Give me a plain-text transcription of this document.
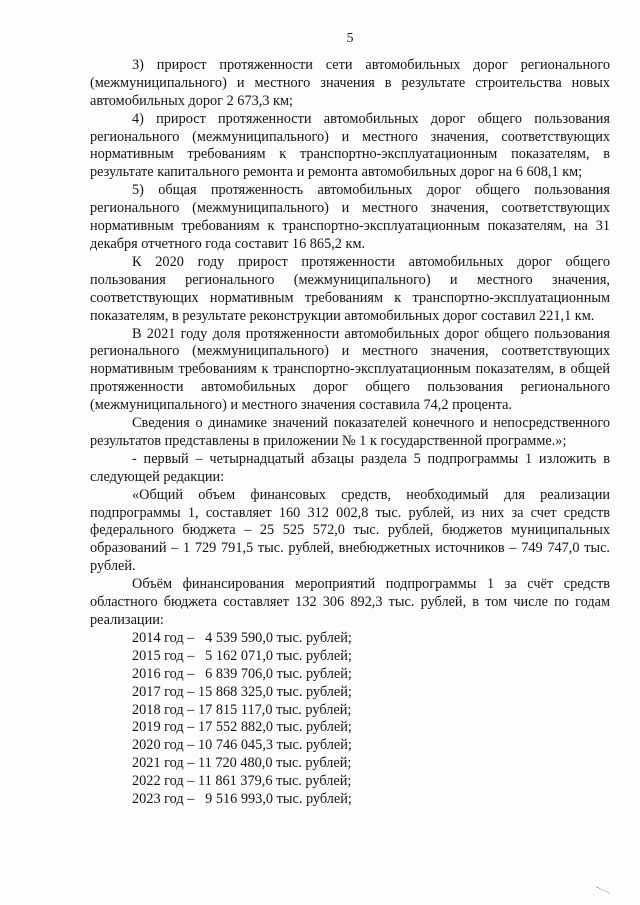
5

3) прирост протяженности сети автомобильных дорог регионального (межмуниципального) и местного значения в результате строительства новых автомобильных дорог 2 673,3 км;

4) прирост протяженности автомобильных дорог общего пользования регионального (межмуниципального) и местного значения, соответствующих нормативным требованиям к транспортно-эксплуатационным показателям, в результате капитального ремонта и ремонта автомобильных дорог на 6 608,1 км;

5) общая протяженность автомобильных дорог общего пользования регионального (межмуниципального) и местного значения, соответствующих нормативным требованиям к транспортно-эксплуатационным показателям, на 31 декабря отчетного года составит 16 865,2 км.

К 2020 году прирост протяженности автомобильных дорог общего пользования регионального (межмуниципального) и местного значения, соответствующих нормативным требованиям к транспортно-эксплуатационным показателям, в результате реконструкции автомобильных дорог составил 221,1 км.

В 2021 году доля протяженности автомобильных дорог общего пользования регионального (межмуниципального) и местного значения, соответствующих нормативным требованиям к транспортно-эксплуатационным показателям, в общей протяженности автомобильных дорог общего пользования регионального (межмуниципального) и местного значения составила 74,2 процента.

Сведения о динамике значений показателей конечного и непосредственного результатов представлены в приложении № 1 к государственной программе.»;

- первый – четырнадцатый абзацы раздела 5 подпрограммы 1 изложить в следующей редакции:

«Общий объем финансовых средств, необходимый для реализации подпрограммы 1, составляет 160 312 002,8 тыс. рублей, из них за счет средств федерального бюджета – 25 525 572,0 тыс. рублей, бюджетов муниципальных образований – 1 729 791,5 тыс. рублей, внебюджетных источников – 749 747,0 тыс. рублей.

Объём финансирования мероприятий подпрограммы 1 за счёт средств областного бюджета составляет 132 306 892,3 тыс. рублей, в том числе по годам реализации:

2014 год –   4 539 590,0 тыс. рублей;
2015 год –   5 162 071,0 тыс. рублей;
2016 год –   6 839 706,0 тыс. рублей;
2017 год – 15 868 325,0 тыс. рублей;
2018 год – 17 815 117,0 тыс. рублей;
2019 год – 17 552 882,0 тыс. рублей;
2020 год – 10 746 045,3 тыс. рублей;
2021 год – 11 720 480,0 тыс. рублей;
2022 год – 11 861 379,6 тыс. рублей;
2023 год –   9 516 993,0 тыс. рублей;
